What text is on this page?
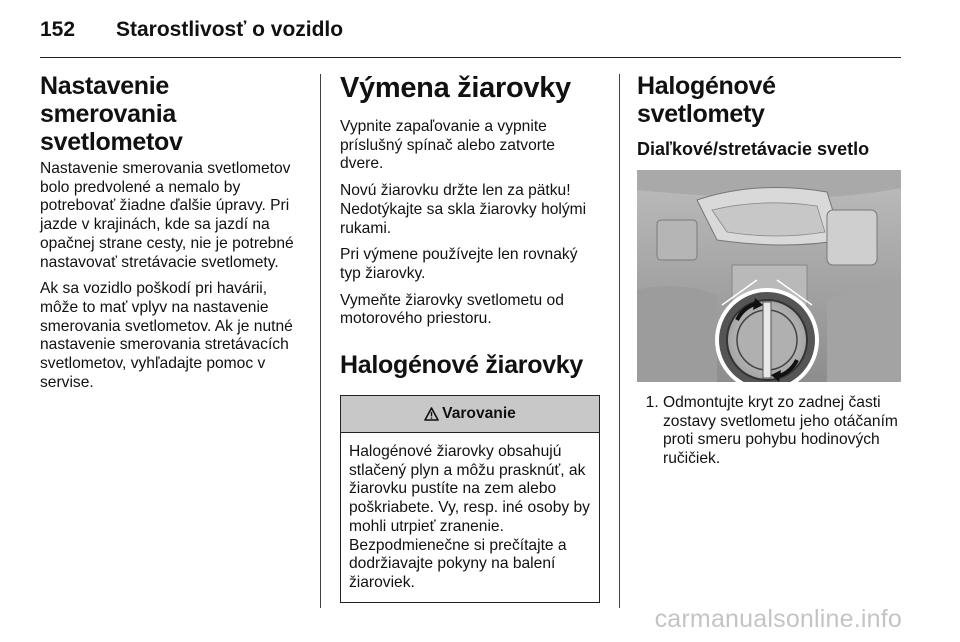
152 Starostlivosť o vozidlo
Nastavenie smerovania svetlometov

Nastavenie smerovania svetlometov bolo predvolené a nemalo by potrebovať žiadne ďalšie úpravy. Pri jazde v krajinách, kde sa jazdí na opačnej strane cesty, nie je potrebné nastavovať stretávacie svetlomety.

Ak sa vozidlo poškodí pri havárii, môže to mať vplyv na nastavenie smerovania svetlometov. Ak je nutné nastavenie smerovania stretávacích svetlometov, vyhľadajte pomoc v servise.

Výmena žiarovky

Vypnite zapaľovanie a vypnite príslušný spínač alebo zatvorte dvere.

Novú žiarovku držte len za pätku! Nedotýkajte sa skla žiarovky holými rukami.

Pri výmene používejte len rovnaký typ žiarovky.

Vymeňte žiarovky svetlometu od motorového priestoru.

Halogénové žiarovky
Varovanie
Halogénové žiarovky obsahujú stlačený plyn a môžu prasknúť, ak žiarovku pustíte na zem alebo poškriabete. Vy, resp. iné osoby by mohli utrpieť zranenie. Bezpodmienečne si prečítajte a dodržiavajte pokyny na balení žiaroviek.
Halogénové svetlomety
Diaľkové/stretávacie svetlo
1. Odmontujte kryt zo zadnej časti zostavy svetlometu jeho otáčaním proti smeru pohybu hodinových ručičiek.
carmanualsonline.info
